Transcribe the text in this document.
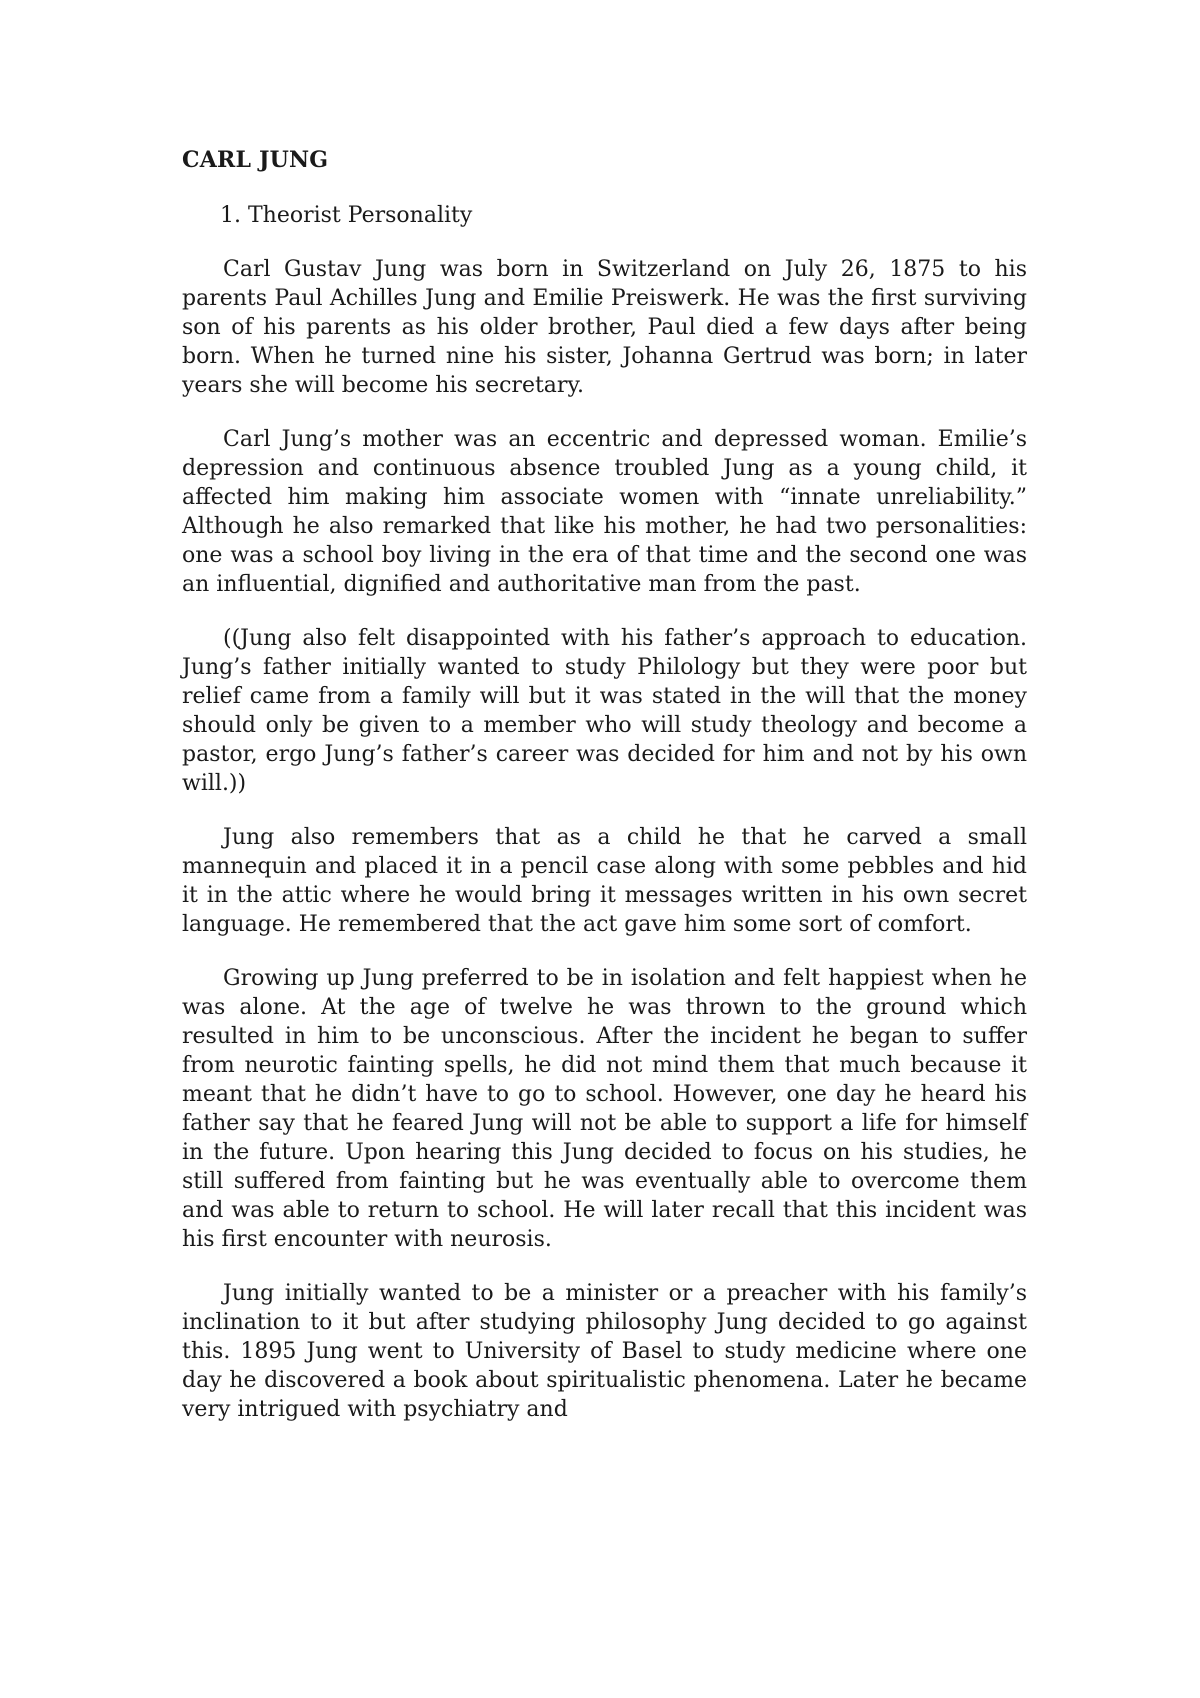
CARL JUNG
1. Theorist Personality

Carl Gustav Jung was born in Switzerland on July 26, 1875 to his parents Paul Achilles Jung and Emilie Preiswerk. He was the first surviving son of his parents as his older brother, Paul died a few days after being born. When he turned nine his sister, Johanna Gertrud was born; in later years she will become his secretary.

Carl Jung’s mother was an eccentric and depressed woman. Emilie’s depression and continuous absence troubled Jung as a young child, it affected him making him associate women with “innate unreliability.” Although he also remarked that like his mother, he had two personalities: one was a school boy living in the era of that time and the second one was an influential, dignified and authoritative man from the past.

((Jung also felt disappointed with his father’s approach to education. Jung’s father initially wanted to study Philology but they were poor but relief came from a family will but it was stated in the will that the money should only be given to a member who will study theology and become a pastor, ergo Jung’s father’s career was decided for him and not by his own will.))

Jung also remembers that as a child he that he carved a small mannequin and placed it in a pencil case along with some pebbles and hid it in the attic where he would bring it messages written in his own secret language. He remembered that the act gave him some sort of comfort.

Growing up Jung preferred to be in isolation and felt happiest when he was alone. At the age of twelve he was thrown to the ground which resulted in him to be unconscious. After the incident he began to suffer from neurotic fainting spells, he did not mind them that much because it meant that he didn’t have to go to school. However, one day he heard his father say that he feared Jung will not be able to support a life for himself in the future. Upon hearing this Jung decided to focus on his studies, he still suffered from fainting but he was eventually able to overcome them and was able to return to school. He will later recall that this incident was his first encounter with neurosis.

Jung initially wanted to be a minister or a preacher with his family’s inclination to it but after studying philosophy Jung decided to go against this. 1895 Jung went to University of Basel to study medicine where one day he discovered a book about spiritualistic phenomena. Later he became very intrigued with psychiatry and
